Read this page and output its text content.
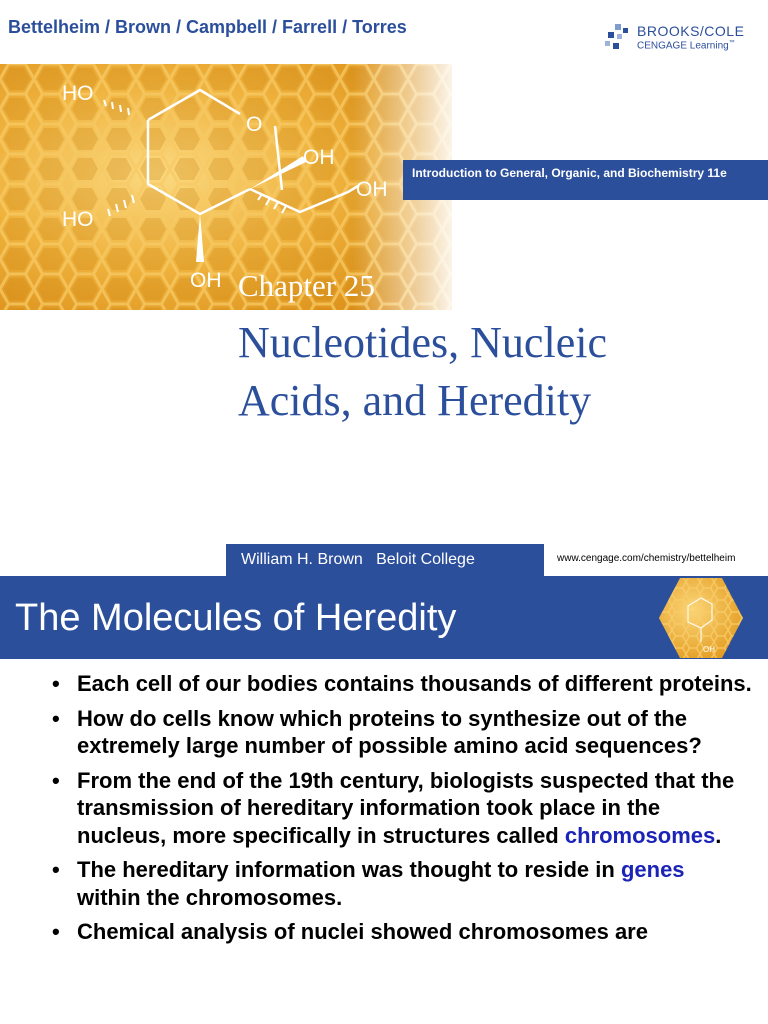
Bettelheim / Brown / Campbell / Farrell / Torres	BROOKS/COLE
CENGAGE Learning™
HO
O
OH
OH
HO
OH
Introduction to General, Organic, and Biochemistry 11e
Chapter 25
Nucleotides, Nucleic
Acids, and Heredity
William H. Brown   Beloit College	www.cengage.com/chemistry/bettelheim
The Molecules of Heredity
OH
• Each cell of our bodies contains thousands of different proteins.
• How do cells know which proteins to synthesize out of the extremely large number of possible amino acid sequences?
• From the end of the 19th century, biologists suspected that the transmission of hereditary information took place in the nucleus, more specifically in structures called chromosomes.
• The hereditary information was thought to reside in genes within the chromosomes.
• Chemical analysis of nuclei showed chromosomes are
